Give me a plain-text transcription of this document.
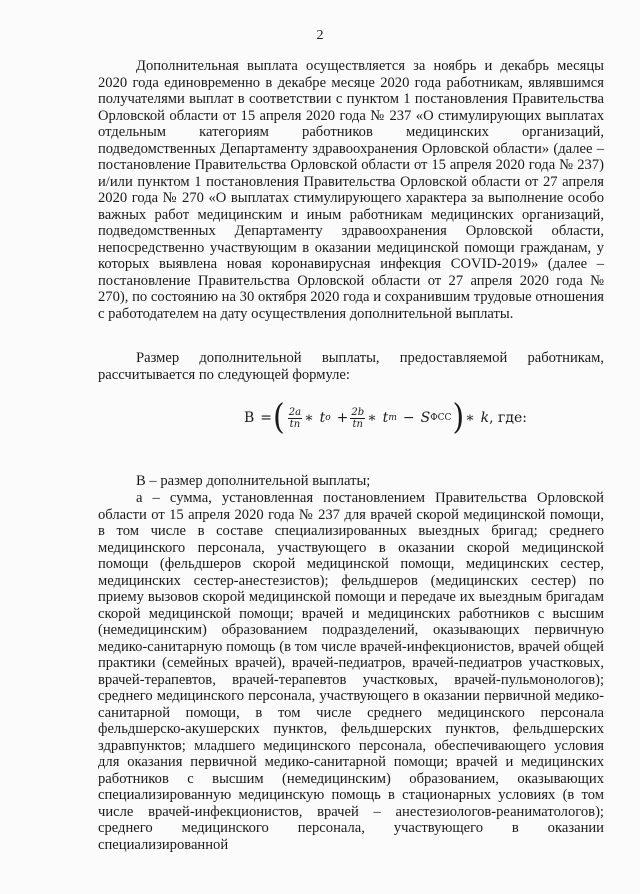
2

Дополнительная выплата осуществляется за ноябрь и декабрь месяцы 2020 года единовременно в декабре месяце 2020 года работникам, являвшимся получателями выплат в соответствии с пунктом 1 постановления Правительства Орловской области от 15 апреля 2020 года № 237 «О стимулирующих выплатах отдельным категориям работников медицинских организаций, подведомственных Департаменту здравоохранения Орловской области» (далее – постановление Правительства Орловской области от 15 апреля 2020 года № 237) и/или пунктом 1 постановления Правительства Орловской области от 27 апреля 2020 года № 270 «О выплатах стимулирующего характера за выполнение особо важных работ медицинским и иным работникам медицинских организаций, подведомственных Департаменту здравоохранения Орловской области, непосредственно участвующим в оказании медицинской помощи гражданам, у которых выявлена новая коронавирусная инфекция COVID-2019» (далее – постановление Правительства Орловской области от 27 апреля 2020 года № 270), по состоянию на 30 октября 2020 года и сохранившим трудовые отношения с работодателем на дату осуществления дополнительной выплаты.

Размер дополнительной выплаты, предоставляемой работникам, рассчитывается по следующей формуле:

В = ( $\frac{2a}{tn}$ ∗ t $o + \frac{2b}{tn}$ ∗ t m − S ФСС ) ∗ k , где:

В – размер дополнительной выплаты;

а – сумма, установленная постановлением Правительства Орловской области от 15 апреля 2020 года № 237 для врачей скорой медицинской помощи, в том числе в составе специализированных выездных бригад; среднего медицинского персонала, участвующего в оказании скорой медицинской помощи (фельдшеров скорой медицинской помощи, медицинских сестер, медицинских сестер-анестезистов); фельдшеров (медицинских сестер) по приему вызовов скорой медицинской помощи и передаче их выездным бригадам скорой медицинской помощи; врачей и медицинских работников с высшим (немедицинским) образованием подразделений, оказывающих первичную медико-санитарную помощь (в том числе врачей-инфекционистов, врачей общей практики (семейных врачей), врачей-педиатров, врачей-педиатров участковых, врачей-терапевтов, врачей-терапевтов участковых, врачей-пульмонологов); среднего медицинского персонала, участвующего в оказании первичной медико-санитарной помощи, в том числе среднего медицинского персонала фельдшерско-акушерских пунктов, фельдшерских пунктов, фельдшерских здравпунктов; младшего медицинского персонала, обеспечивающего условия для оказания первичной медико-санитарной помощи; врачей и медицинских работников с высшим (немедицинским) образованием, оказывающих специализированную медицинскую помощь в стационарных условиях (в том числе врачей-инфекционистов, врачей – анестезиологов-реаниматологов); среднего медицинского персонала, участвующего в оказании специализированной
